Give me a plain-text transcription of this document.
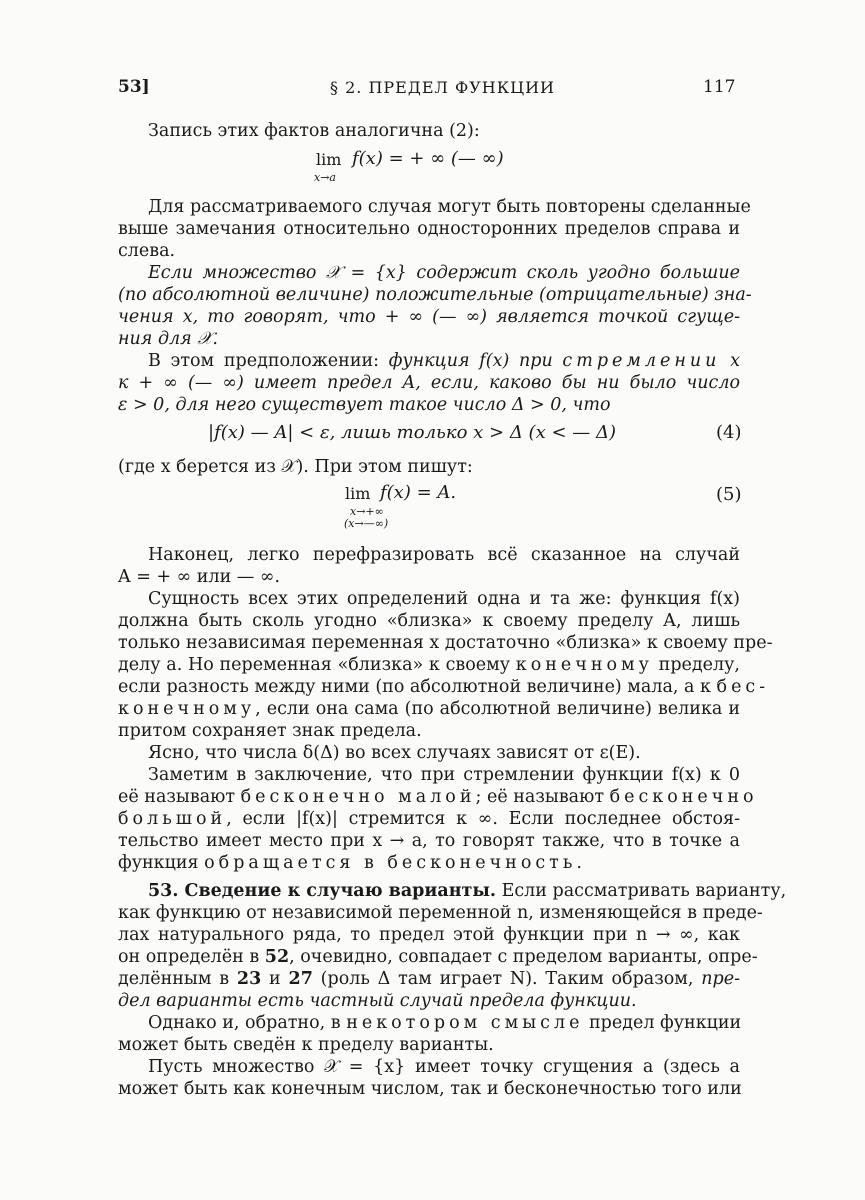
53]	§ 2. ПРЕДЕЛ ФУНКЦИИ	117
Запись этих фактов аналогична (2):
lim
x→a
f(x) = + ∞ (— ∞)
Для рассматриваемого случая могут быть повторены сделанные
выше замечания относительно односторонних пределов справа и
слева.
Если множество 𝒳 = {x} содержит сколь угодно большие
(по абсолютной величине) положительные (отрицательные) зна-
чения x, то говорят, что + ∞ (— ∞) является точкой сгуще-
ния для 𝒳.
В этом предположении: функция f(x) при стремлении x
к + ∞ (— ∞) имеет предел A, если, каково бы ни было число
ε > 0, для него существует такое число Δ > 0, что
|f(x) — A| < ε, лишь только x > Δ (x < — Δ)	(4)
(где x берется из 𝒳). При этом пишут:
lim f(x) = A.
x→+∞
(x→—∞)
(5)
Наконец, легко перефразировать всё сказанное на случай
A = + ∞ или — ∞.
Сущность всех этих определений одна и та же: функция f(x)
должна быть сколь угодно «близка» к своему пределу A, лишь
только независимая переменная x достаточно «близка» к своему пре-
делу a. Но переменная «близка» к своему конечному пределу,
если разность между ними (по абсолютной величине) мала, а к бес-
конечному, если она сама (по абсолютной величине) велика и
притом сохраняет знак предела.
Ясно, что числа δ(Δ) во всех случаях зависят от ε(E).
Заметим в заключение, что при стремлении функции f(x) к 0
её называют бесконечно малой; её называют бесконечно
большой, если |f(x)| стремится к ∞. Если последнее обстоя-
тельство имеет место при x → a, то говорят также, что в точке a
функция обращается в бесконечность.
53. Сведение к случаю варианты. Если рассматривать варианту,
как функцию от независимой переменной n, изменяющейся в преде-
лах натурального ряда, то предел этой функции при n → ∞, как
он определён в 52, очевидно, совпадает с пределом варианты, опре-
делённым в 23 и 27 (роль Δ там играет N). Таким образом, пре-
дел варианты есть частный случай предела функции.
Однако и, обратно, в некотором смысле предел функции
может быть сведён к пределу варианты.
Пусть множество 𝒳 = {x} имеет точку сгущения a (здесь a
может быть как конечным числом, так и бесконечностью того или
